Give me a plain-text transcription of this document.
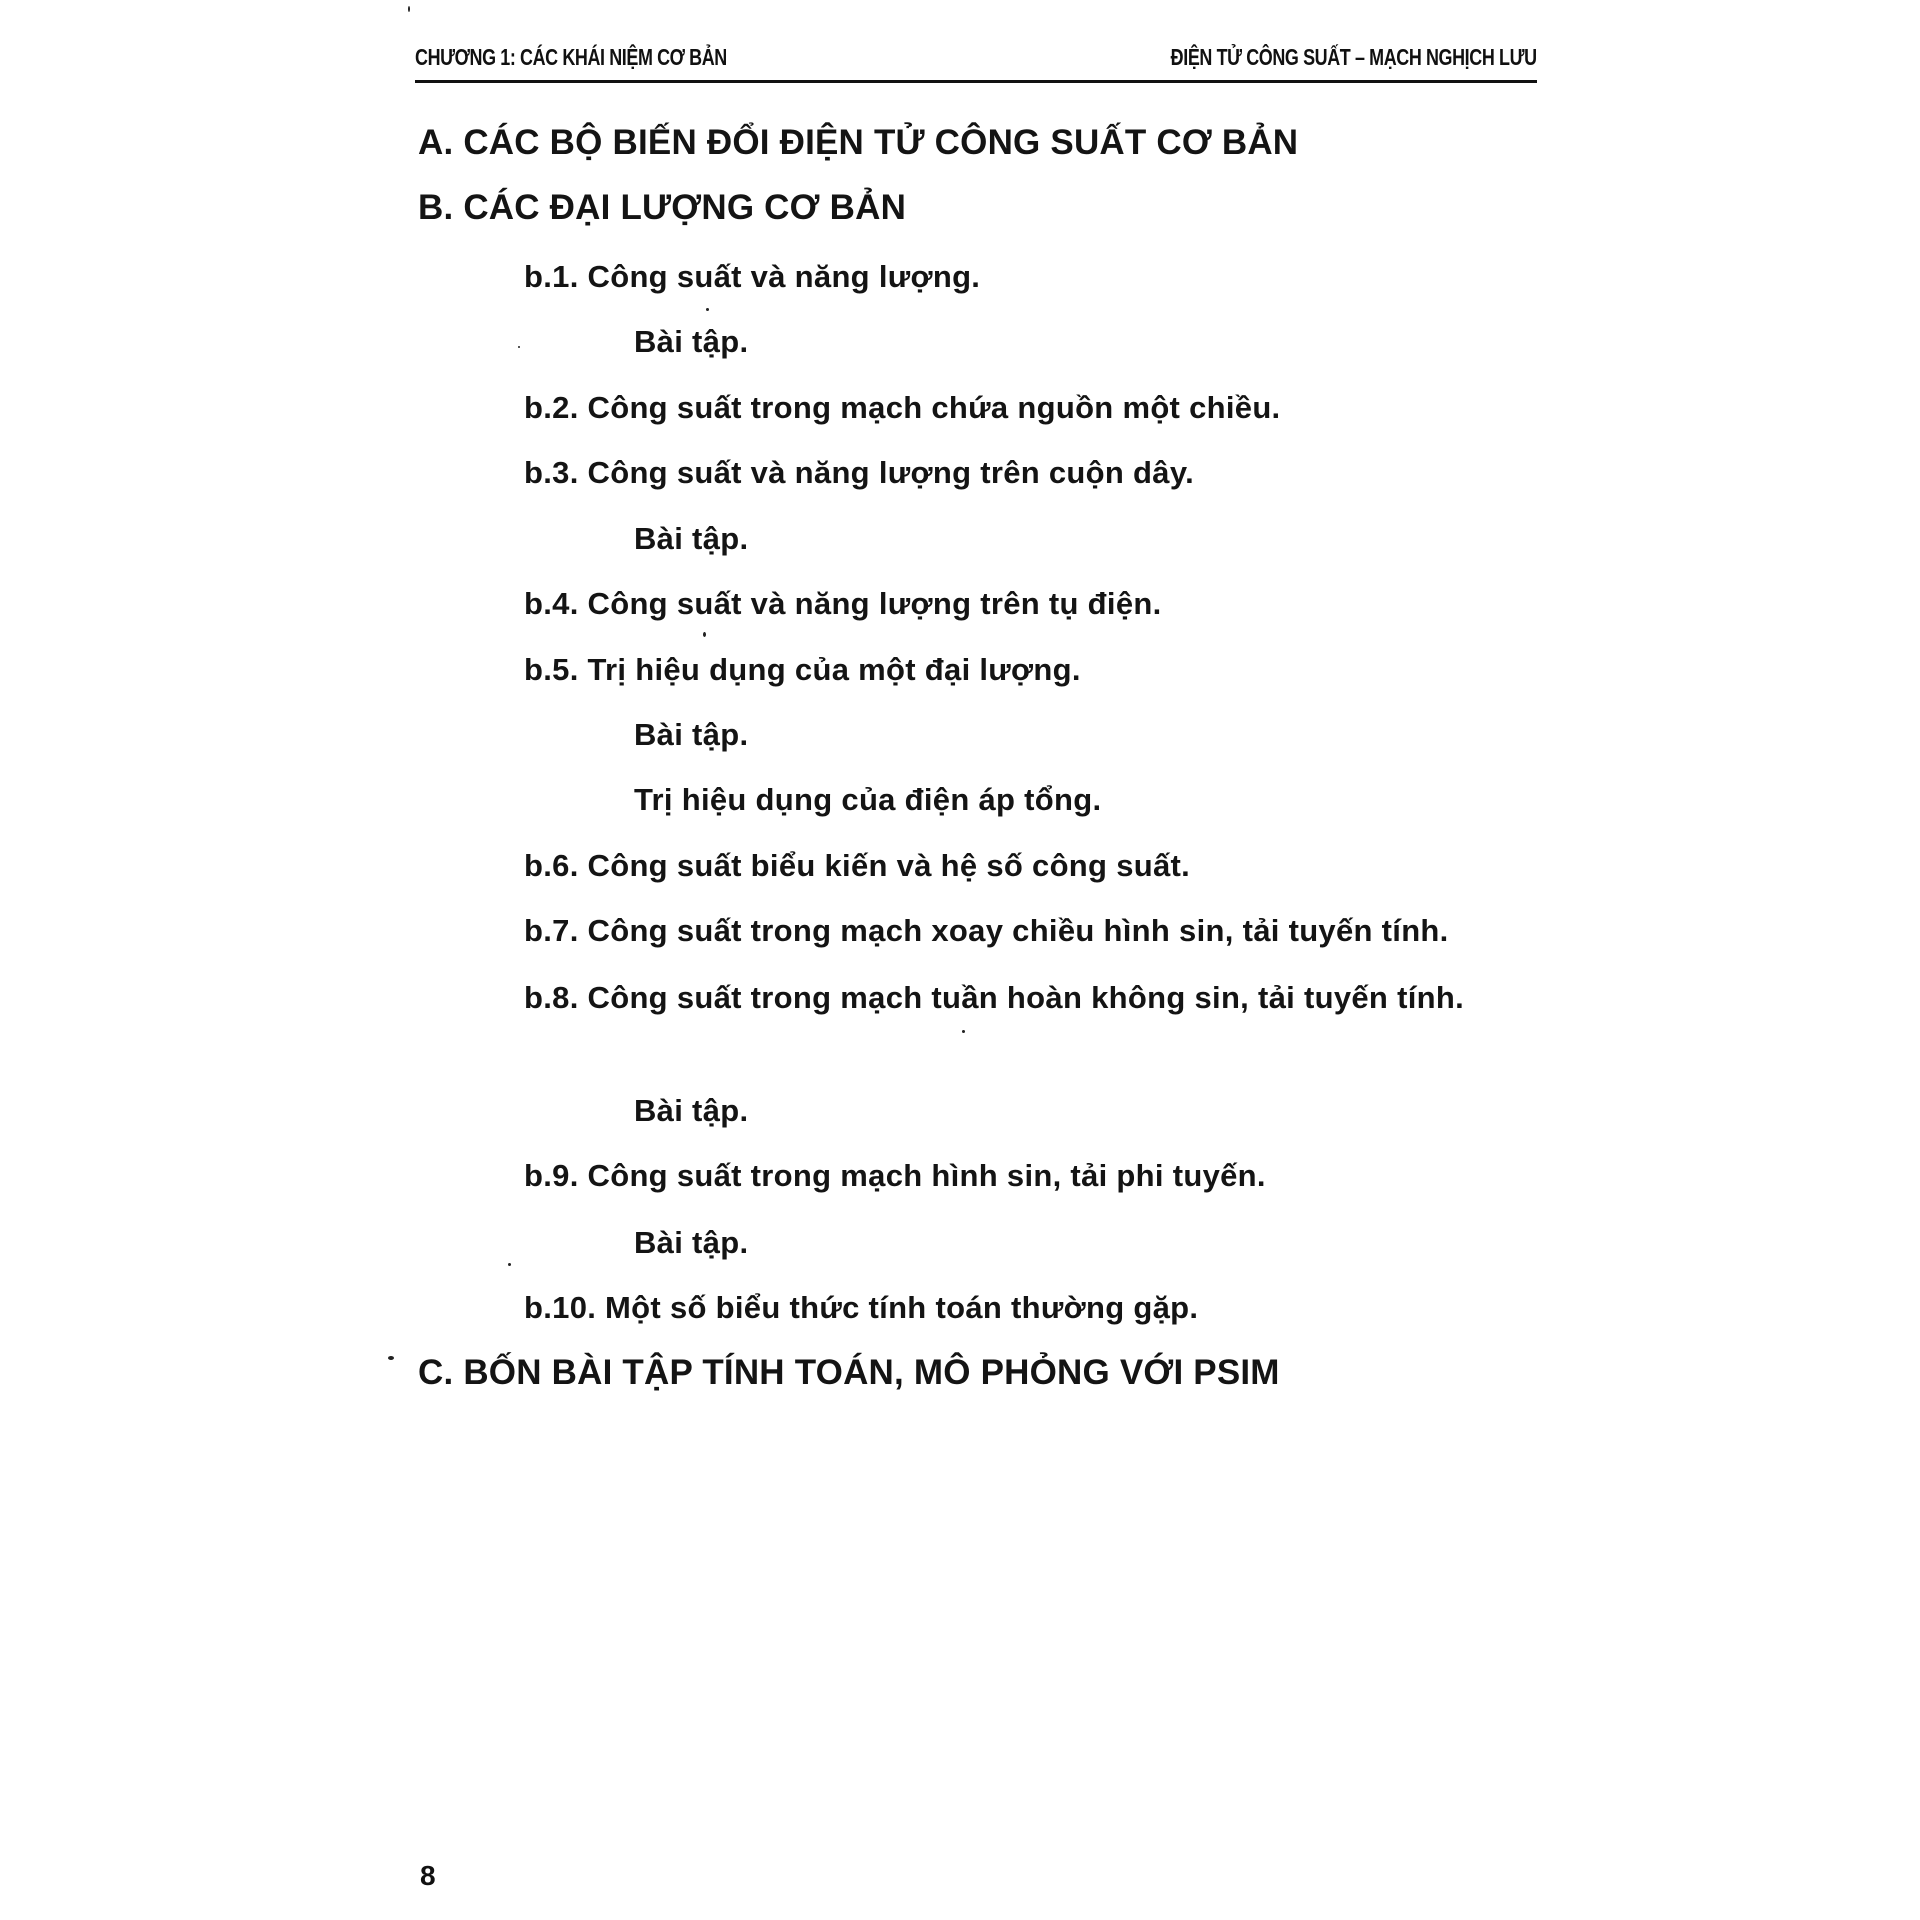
CHƯƠNG 1: CÁC KHÁI NIỆM CƠ BẢN	ĐIỆN TỬ CÔNG SUẤT – MẠCH NGHỊCH LƯU
A. CÁC BỘ BIẾN ĐỔI ĐIỆN TỬ CÔNG SUẤT CƠ BẢN
B. CÁC ĐẠI LƯỢNG CƠ BẢN
b.1. Công suất và năng lượng.
Bài tập.
b.2. Công suất trong mạch chứa nguồn một chiều.
b.3. Công suất và năng lượng trên cuộn dây.
Bài tập.
b.4. Công suất và năng lượng trên tụ điện.
b.5. Trị hiệu dụng của một đại lượng.
Bài tập.
Trị hiệu dụng của điện áp tổng.
b.6. Công suất biểu kiến và hệ số công suất.
b.7. Công suất trong mạch xoay chiều hình sin, tải tuyến tính.
b.8. Công suất trong mạch tuần hoàn không sin, tải tuyến tính.
Bài tập.
b.9. Công suất trong mạch hình sin, tải phi tuyến.
Bài tập.
b.10. Một số biểu thức tính toán thường gặp.
C. BỐN BÀI TẬP TÍNH TOÁN, MÔ PHỎNG VỚI PSIM
8
